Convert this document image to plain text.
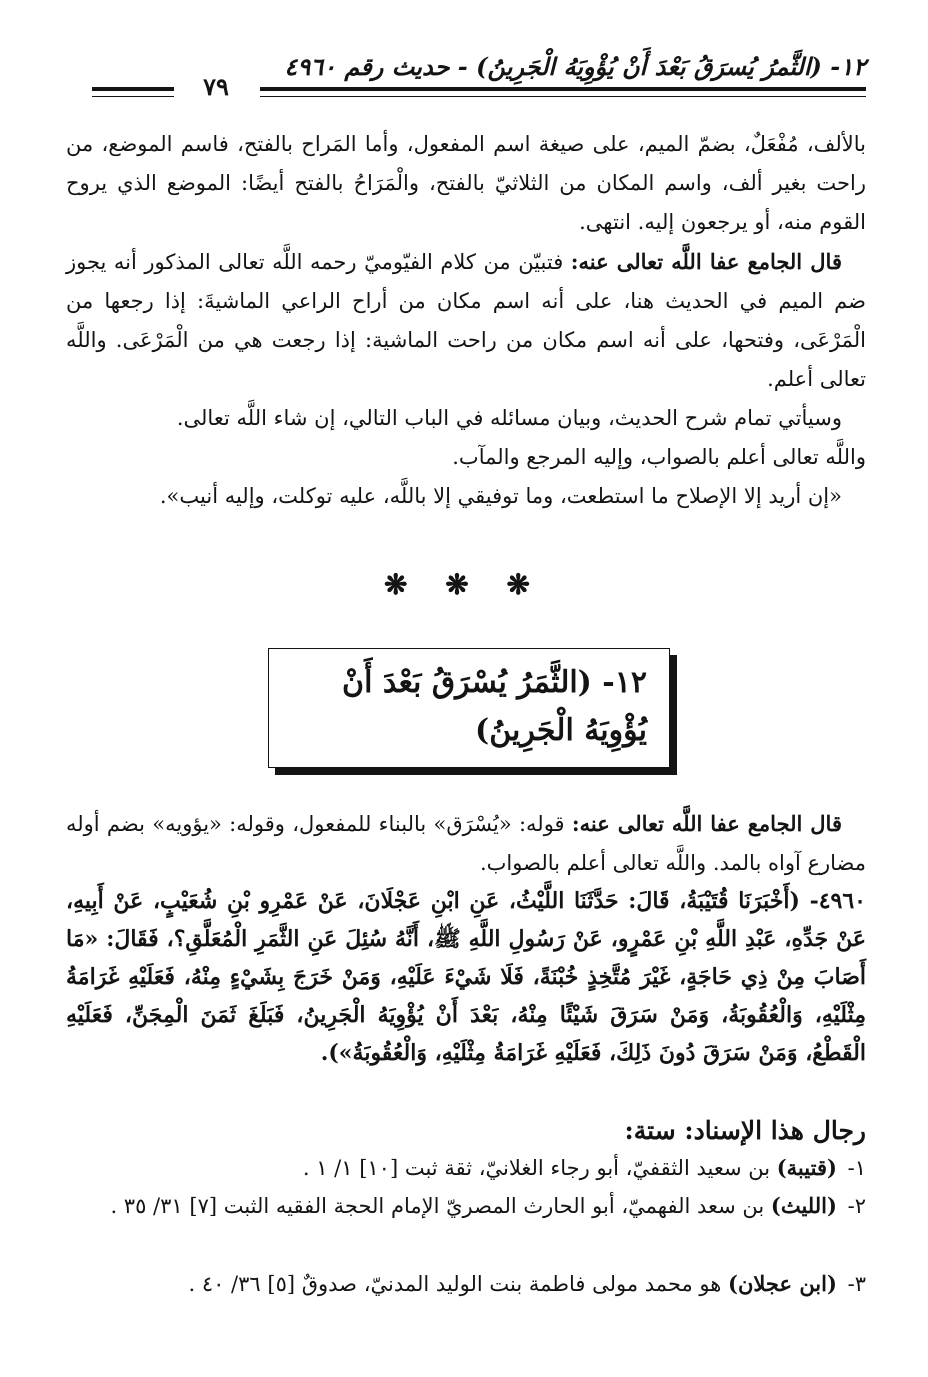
١٢- (الثَّمرُ يُسرَقُ بَعْدَ أَنْ يُؤْوِيَهُ الْجَرِينُ) - حديث رقم ٤٩٦٠
٧٩

بالألف، مُفْعَلٌ، بضمّ الميم، على صيغة اسم المفعول، وأما المَراح بالفتح، فاسم الموضع، من راحت بغير ألف، واسم المكان من الثلاثيّ بالفتح، والْمَرَاحُ بالفتح أيضًا: الموضع الذي يروح القوم منه، أو يرجعون إليه. انتهى.

قال الجامع عفا اللَّه تعالى عنه: فتبيّن من كلام الفيّوميّ رحمه اللَّه تعالى المذكور أنه يجوز ضم الميم في الحديث هنا، على أنه اسم مكان من أراح الراعي الماشيةَ: إذا رجعها من الْمَرْعَى، وفتحها، على أنه اسم مكان من راحت الماشية: إذا رجعت هي من الْمَرْعَى. واللَّه تعالى أعلم.

وسيأتي تمام شرح الحديث، وبيان مسائله في الباب التالي، إن شاء اللَّه تعالى.

واللَّه تعالى أعلم بالصواب، وإليه المرجع والمآب.

«إن أريد إلا الإصلاح ما استطعت، وما توفيقي إلا باللَّه، عليه توكلت، وإليه أنيب».

❋ ❋ ❋
١٢- (الثَّمَرُ يُسْرَقُ بَعْدَ أَنْ يُؤْوِيَهُ الْجَرِينُ)

قال الجامع عفا اللَّه تعالى عنه: قوله: «يُسْرَق» بالبناء للمفعول، وقوله: «يؤويه» بضم أوله مضارع آواه بالمد. واللَّه تعالى أعلم بالصواب.

٤٩٦٠- (أَخْبَرَنَا قُتَيْبَةُ، قَالَ: حَدَّثَنَا اللَّيْثُ، عَنِ ابْنِ عَجْلَانَ، عَنْ عَمْرِو بْنِ شُعَيْبٍ، عَنْ أَبِيهِ، عَنْ جَدِّهِ، عَبْدِ اللَّهِ بْنِ عَمْرٍو، عَنْ رَسُولِ اللَّهِ ﷺ، أَنَّهُ سُئِلَ عَنِ الثَّمَرِ الْمُعَلَّقِ؟، فَقَالَ: «مَا أَصَابَ مِنْ ذِي حَاجَةٍ، غَيْرَ مُتَّخِذٍ خُبْنَةً، فَلَا شَيْءَ عَلَيْهِ، وَمَنْ خَرَجَ بِشَيْءٍ مِنْهُ، فَعَلَيْهِ غَرَامَةُ مِثْلَيْهِ، وَالْعُقُوبَةُ، وَمَنْ سَرَقَ شَيْئًا مِنْهُ، بَعْدَ أَنْ يُؤْوِيَهُ الْجَرِينُ، فَبَلَغَ ثَمَنَ الْمِجَنِّ، فَعَلَيْهِ الْقَطْعُ، وَمَنْ سَرَقَ دُونَ ذَلِكَ، فَعَلَيْهِ غَرَامَةُ مِثْلَيْهِ، وَالْعُقُوبَةُ»).
رجال هذا الإسناد: ستة:
١- (قتيبة) بن سعيد الثقفيّ، أبو رجاء الغلانيّ، ثقة ثبت [١٠] ١/ ١ .
٢- (الليث) بن سعد الفهميّ، أبو الحارث المصريّ الإمام الحجة الفقيه الثبت [٧] ٣١/ ٣٥ .
٣- (ابن عجلان) هو محمد مولى فاطمة بنت الوليد المدنيّ، صدوقٌ [٥] ٣٦/ ٤٠ .
